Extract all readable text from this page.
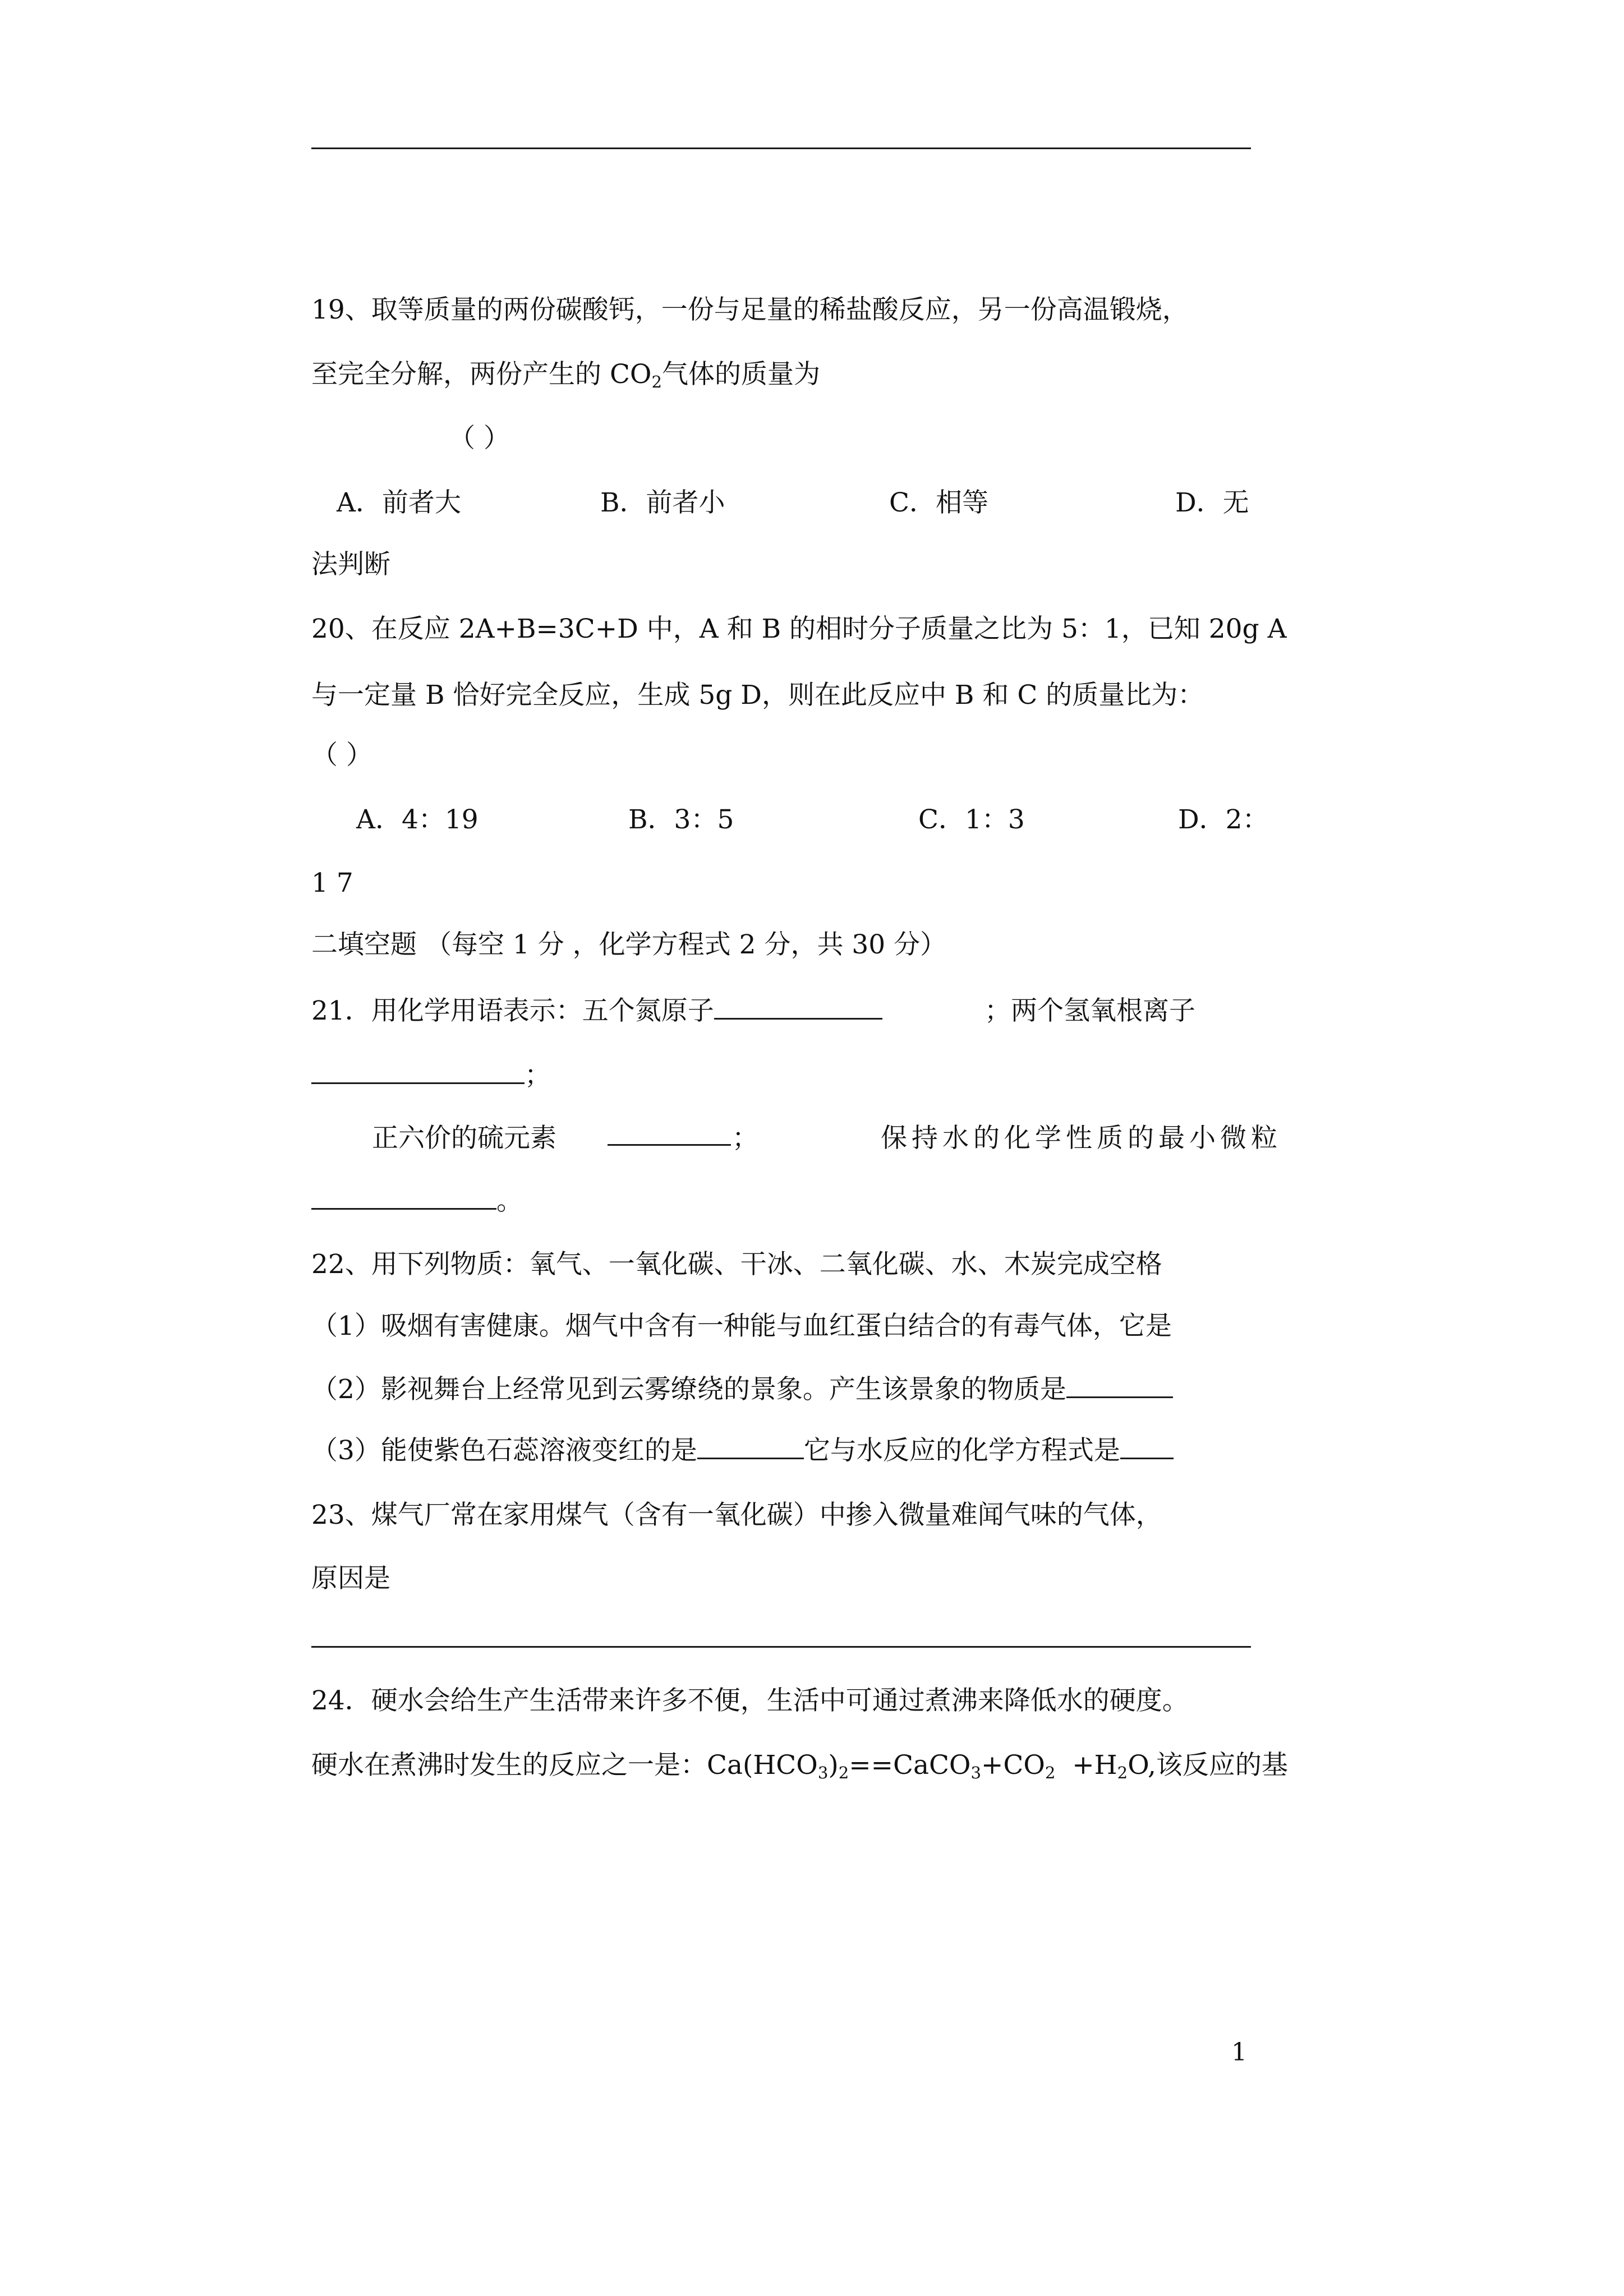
19、取等质量的两份碳酸钙，一份与足量的稀盐酸反应，另一份高温锻烧，
至完全分解，两份产生的 $CO_2$气体的质量为
（ ）
A．前者大	B．前者小	C．相等	D．无
法判断
20、在反应 2A+B=3C+D 中，A 和 B 的相时分子质量之比为 5：1，已知 20g A
与一定量 B 恰好完全反应，生成 5g D，则在此反应中 B 和 C 的质量比为：
（ ）
A．4：19	B．3：5	C．1：3	D．2：
1 7
二填空题 （每空 1 分 ，化学方程式 2 分，共 30 分）
21．用化学用语表示：五个氮原子	；两个氢氧根离子
；
正六价的硫元素	；	保持水的化学性质的最小微粒
。
22、用下列物质：氧气、一氧化碳、干冰、二氧化碳、水、木炭完成空格
（1）吸烟有害健康。烟气中含有一种能与血红蛋白结合的有毒气体，它是
（2）影视舞台上经常见到云雾缭绕的景象。产生该景象的物质是
（3）能使紫色石蕊溶液变红的是	它与水反应的化学方程式是
23、煤气厂常在家用煤气（含有一氧化碳）中掺入微量难闻气味的气体，
原因是
24．硬水会给生产生活带来许多不便，生活中可通过煮沸来降低水的硬度。
硬水在煮沸时发生的反应之一是：$Ca(HCO_3)_2==CaCO_3+CO_2 +H_2O$,该反应的基
1
